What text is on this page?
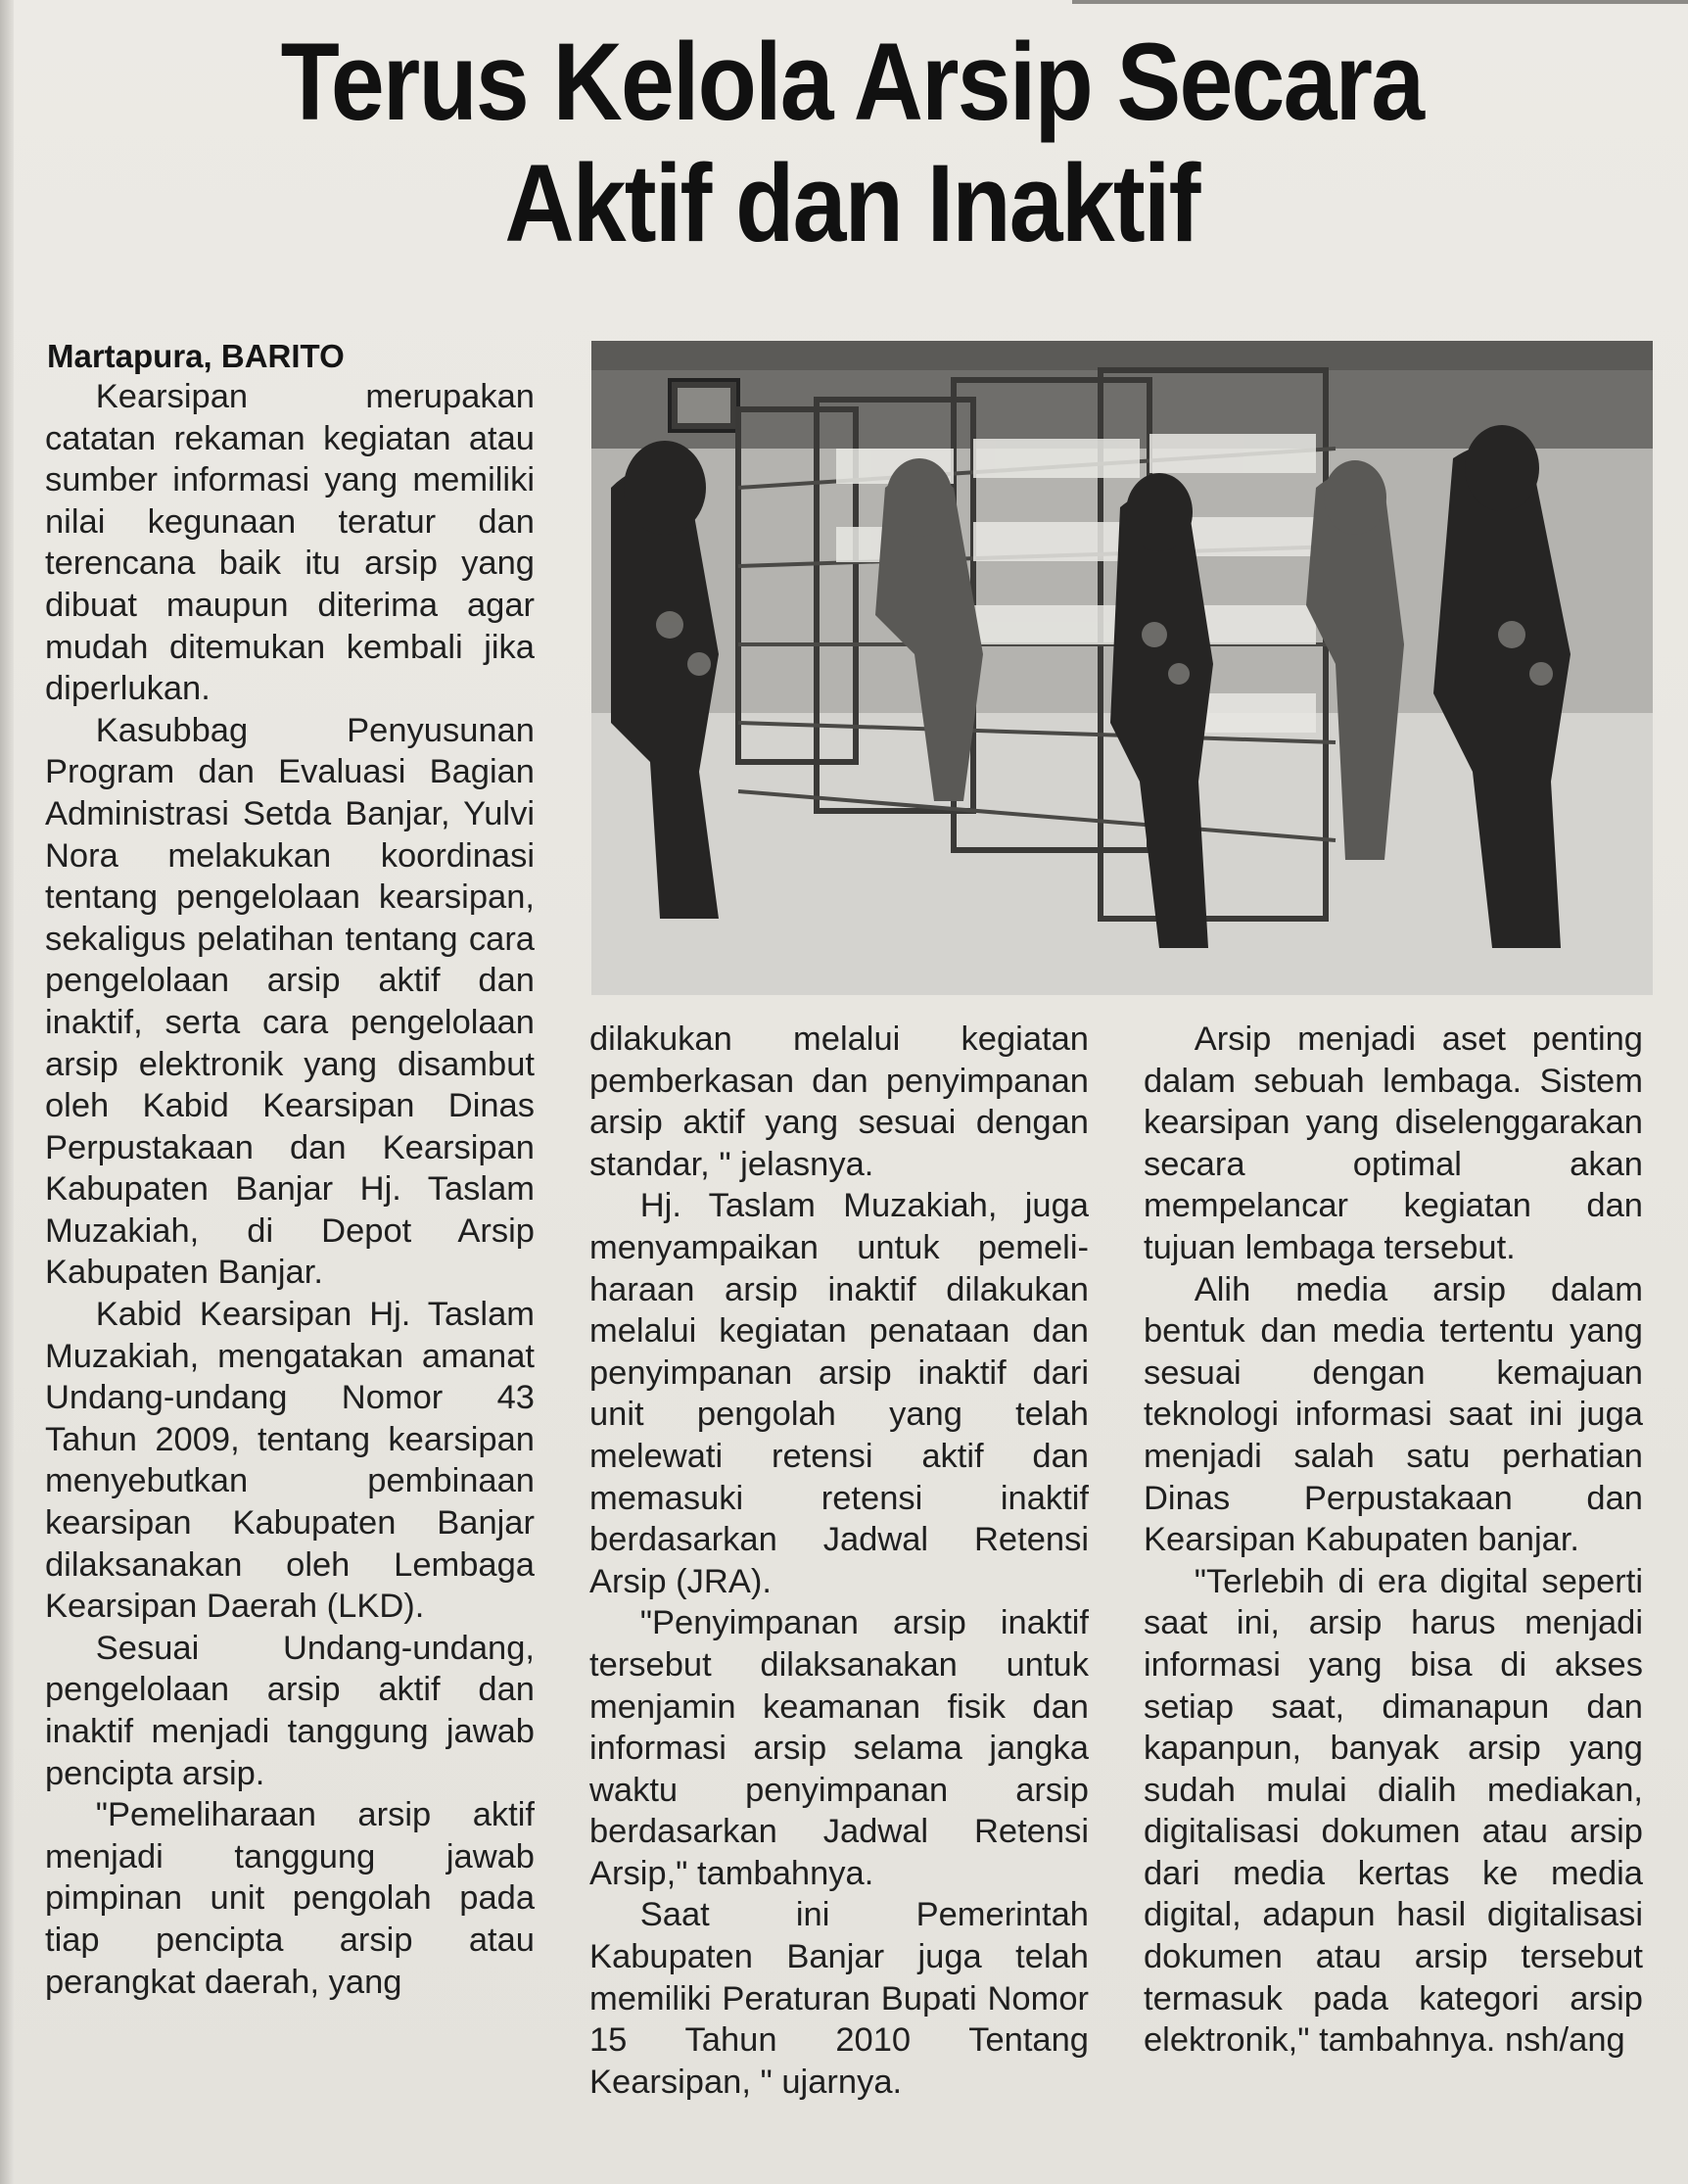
Terus Kelola Arsip Secara
Aktif dan Inaktif
Martapura, BARITO

Kearsipan merupakan catatan rekaman kegiatan atau sumber informasi yang memiliki nilai kegunaan teratur dan terencana baik itu arsip yang dibuat maupun diterima agar mudah ditemukan kembali jika diperlukan.

Kasubbag Penyusunan Program dan Evaluasi Bagian Administrasi Setda Banjar, Yulvi Nora melakukan koordinasi tentang pengelolaan kearsipan, sekaligus pelatihan tentang cara pengelolaan arsip aktif dan inaktif, serta cara pengelolaan arsip elektronik yang disambut oleh Kabid Kearsipan Dinas Perpustakaan dan Kearsipan Kabupaten Banjar Hj. Taslam Muzakiah, di Depot Arsip Kabupaten Banjar.

Kabid Kearsipan Hj. Taslam Muzakiah, mengatakan amanat Undang-undang Nomor 43 Tahun 2009, tentang kearsipan menyebutkan pembinaan kearsipan Kabupaten Banjar dilaksanakan oleh Lembaga Kearsipan Daerah (LKD).

Sesuai Undang-undang, pengelolaan arsip aktif dan inaktif menjadi tanggung jawab pencipta arsip.

"Pemeliharaan arsip aktif menjadi tanggung jawab pimpinan unit pengolah pada tiap pencipta arsip atau perangkat daerah, yang

dilakukan melalui kegiatan pemberkasan dan penyimpanan arsip aktif yang sesuai dengan standar, " jelasnya.

Hj. Taslam Muzakiah, juga menyampaikan untuk pemeliharaan arsip inaktif dilakukan melalui kegiatan penataan dan penyimpanan arsip inaktif dari unit pengolah yang telah melewati retensi aktif dan memasuki retensi inaktif berdasarkan Jadwal Retensi Arsip (JRA).

"Penyimpanan arsip inaktif tersebut dilaksanakan untuk menjamin keamanan fisik dan informasi arsip selama jangka waktu penyimpanan arsip berdasarkan Jadwal Retensi Arsip," tambahnya.

Saat ini Pemerintah Kabupaten Banjar juga telah memiliki Peraturan Bupati Nomor 15 Tahun 2010 Tentang Kearsipan, " ujarnya.

Arsip menjadi aset penting dalam sebuah lembaga. Sistem kearsipan yang diselenggarakan secara optimal akan mempelancar kegiatan dan tujuan lembaga tersebut.

Alih media arsip dalam bentuk dan media tertentu yang sesuai dengan kemajuan teknologi informasi saat ini juga menjadi salah satu perhatian Dinas Perpustakaan dan Kearsipan Kabupaten banjar.

"Terlebih di era digital seperti saat ini, arsip harus menjadi informasi yang bisa di akses setiap saat, dimanapun dan kapanpun, banyak arsip yang sudah mulai dialih mediakan, digitalisasi dokumen atau arsip dari media kertas ke media digital, adapun hasil digitalisasi dokumen atau arsip tersebut termasuk pada kategori arsip elektronik," tambahnya. nsh/ang
